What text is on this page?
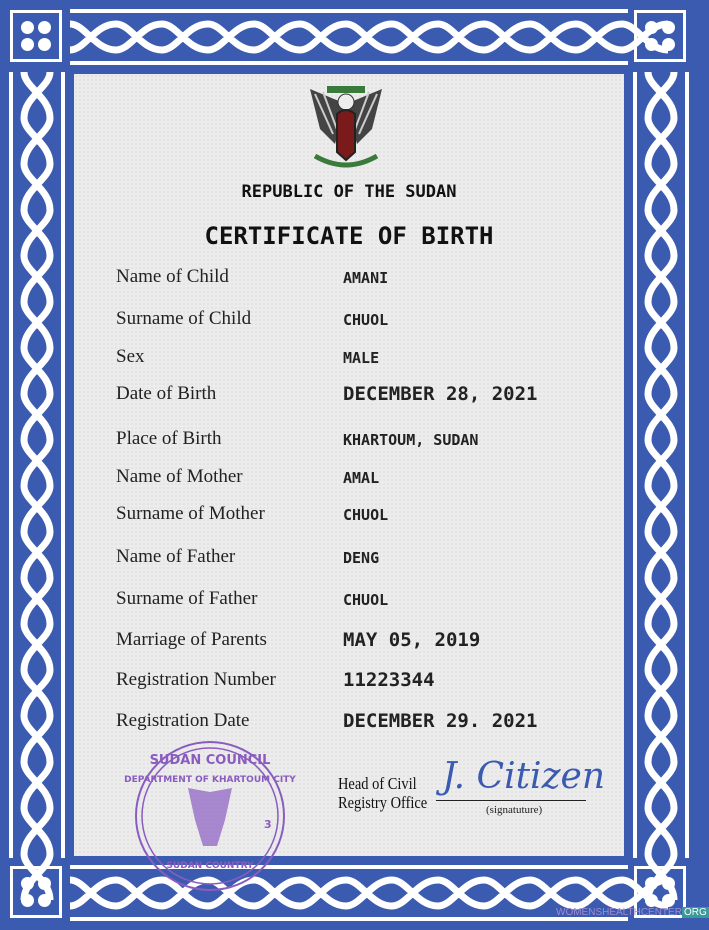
REPUBLIC OF THE SUDAN
CERTIFICATE OF BIRTH
Name of Child	AMANI
Surname of Child	CHUOL
Sex	MALE
Date of Birth	DECEMBER 28, 2021
Place of Birth	KHARTOUM, SUDAN
Name of Mother	AMAL
Surname of Mother	CHUOL
Name of Father	DENG
Surname of Father	CHUOL
Marriage of Parents	MAY 05, 2019
Registration Number	11223344
Registration Date	DECEMBER 29. 2021
SUDAN COUNCIL
DEPARTMENT OF KHARTOUM CITY
3
SUDAN COUNTRY
Head of Civil
Registry Office
J. Citizen
(signatuture)
WOMENSHEALTHCENTER ORG
